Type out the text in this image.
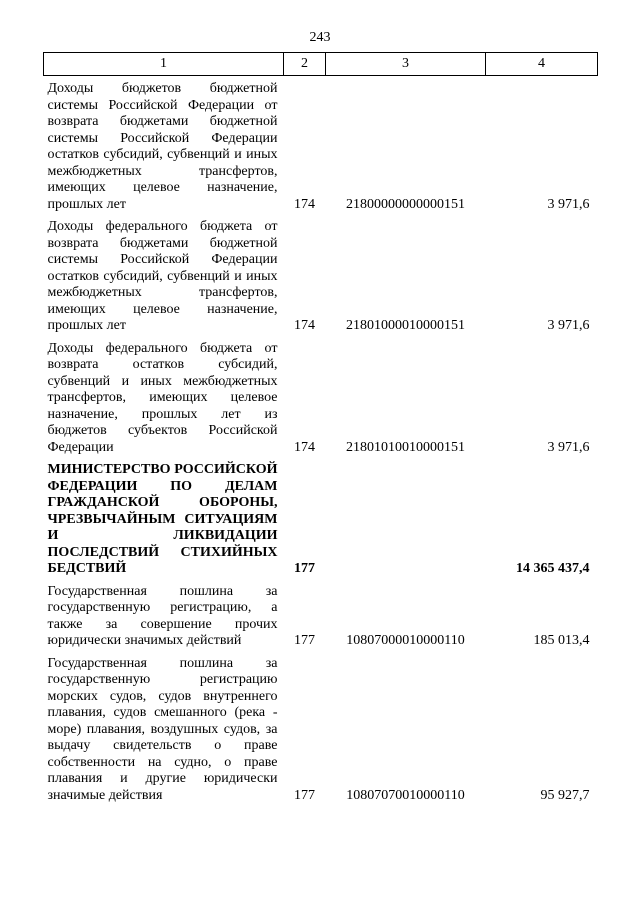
243
1	2	3	4

Доходы бюджетов бюджетной системы Российской Федерации от возврата бюджетами бюджетной системы Российской Федерации остатков субсидий, субвенций и иных межбюджетных трансфертов, имеющих целевое назначение, прошлых лет	174	21800000000000151	3 971,6
Доходы федерального бюджета от возврата бюджетами бюджетной системы Российской Федерации остатков субсидий, субвенций и иных межбюджетных трансфертов, имеющих целевое назначение, прошлых лет	174	21801000010000151	3 971,6
Доходы федерального бюджета от возврата остатков субсидий, субвенций и иных межбюджетных трансфертов, имеющих целевое назначение, прошлых лет из бюджетов субъектов Российской Федерации	174	21801010010000151	3 971,6
МИНИСТЕРСТВО РОССИЙСКОЙ ФЕДЕРАЦИИ ПО ДЕЛАМ ГРАЖДАНСКОЙ ОБОРОНЫ, ЧРЕЗВЫЧАЙНЫМ СИТУАЦИЯМ И ЛИКВИДАЦИИ ПОСЛЕДСТВИЙ СТИХИЙНЫХ БЕДСТВИЙ	177		14 365 437,4
Государственная пошлина за государственную регистрацию, а также за совершение прочих юридически значимых действий	177	10807000010000110	185 013,4
Государственная пошлина за государственную регистрацию морских судов, судов внутреннего плавания, судов смешанного (река - море) плавания, воздушных судов, за выдачу свидетельств о праве собственности на судно, о праве плавания и другие юридически значимые действия	177	10807070010000110	95 927,7
